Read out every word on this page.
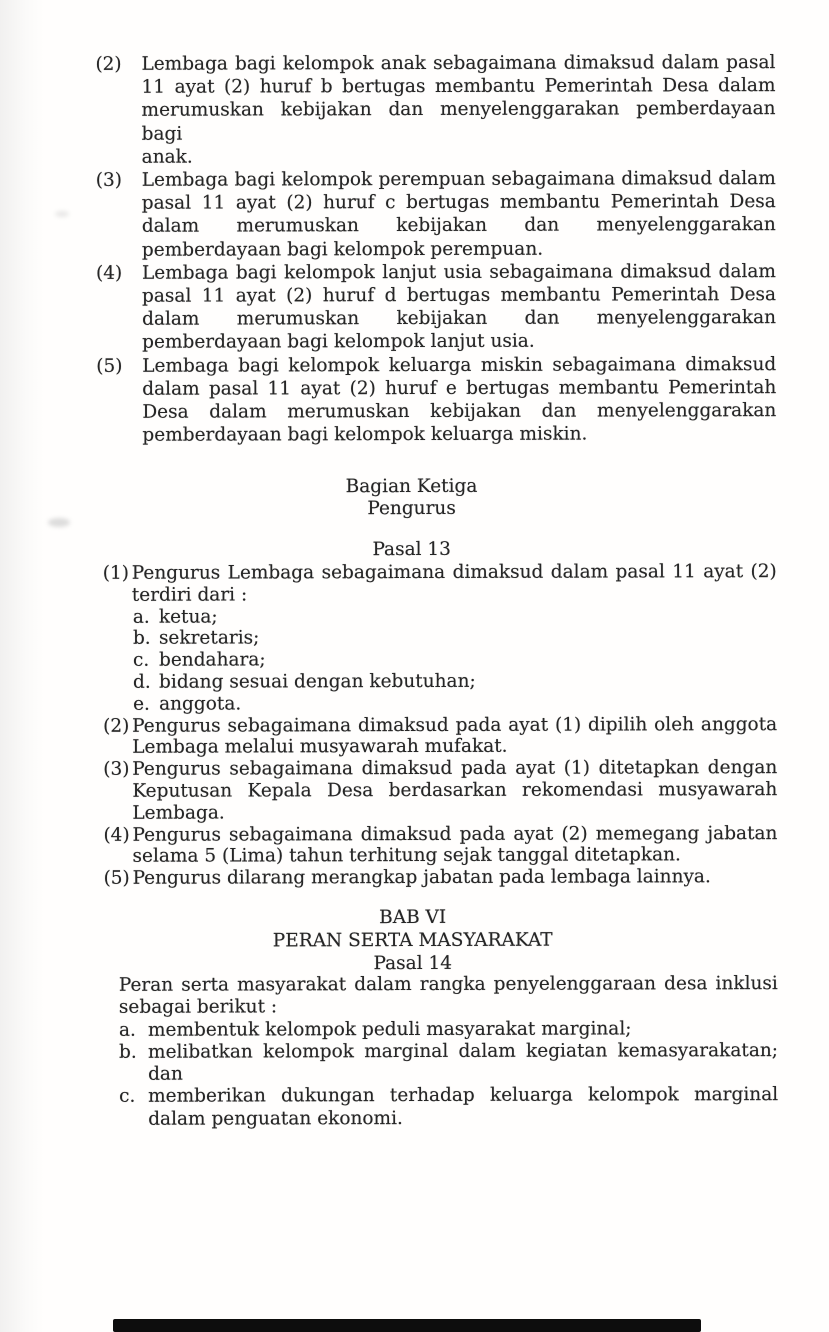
(2) Lembaga bagi kelompok anak sebagaimana dimaksud dalam pasal
11 ayat (2) huruf b bertugas membantu Pemerintah Desa dalam
merumuskan kebijakan dan menyelenggarakan pemberdayaan bagi
anak.
(3) Lembaga bagi kelompok perempuan sebagaimana dimaksud dalam
pasal 11 ayat (2) huruf c bertugas membantu Pemerintah Desa
dalam merumuskan kebijakan dan menyelenggarakan
pemberdayaan bagi kelompok perempuan.
(4) Lembaga bagi kelompok lanjut usia sebagaimana dimaksud dalam
pasal 11 ayat (2) huruf d bertugas membantu Pemerintah Desa
dalam merumuskan kebijakan dan menyelenggarakan
pemberdayaan bagi kelompok lanjut usia.
(5) Lembaga bagi kelompok keluarga miskin sebagaimana dimaksud
dalam pasal 11 ayat (2) huruf e bertugas membantu Pemerintah
Desa dalam merumuskan kebijakan dan menyelenggarakan
pemberdayaan bagi kelompok keluarga miskin.
Bagian Ketiga
Pengurus
Pasal 13
(1) Pengurus Lembaga sebagaimana dimaksud dalam pasal 11 ayat (2)
terdiri dari :
a. ketua;
b. sekretaris;
c. bendahara;
d. bidang sesuai dengan kebutuhan;
e. anggota.
(2) Pengurus sebagaimana dimaksud pada ayat (1) dipilih oleh anggota
Lembaga melalui musyawarah mufakat.
(3) Pengurus sebagaimana dimaksud pada ayat (1) ditetapkan dengan
Keputusan Kepala Desa berdasarkan rekomendasi musyawarah
Lembaga.
(4) Pengurus sebagaimana dimaksud pada ayat (2) memegang jabatan
selama 5 (Lima) tahun terhitung sejak tanggal ditetapkan.
(5) Pengurus dilarang merangkap jabatan pada lembaga lainnya.
BAB VI
PERAN SERTA MASYARAKAT
Pasal 14
Peran serta masyarakat dalam rangka penyelenggaraan desa inklusi
sebagai berikut :
a. membentuk kelompok peduli masyarakat marginal;
b. melibatkan kelompok marginal dalam kegiatan kemasyarakatan;
dan
c. memberikan dukungan terhadap keluarga kelompok marginal
dalam penguatan ekonomi.
